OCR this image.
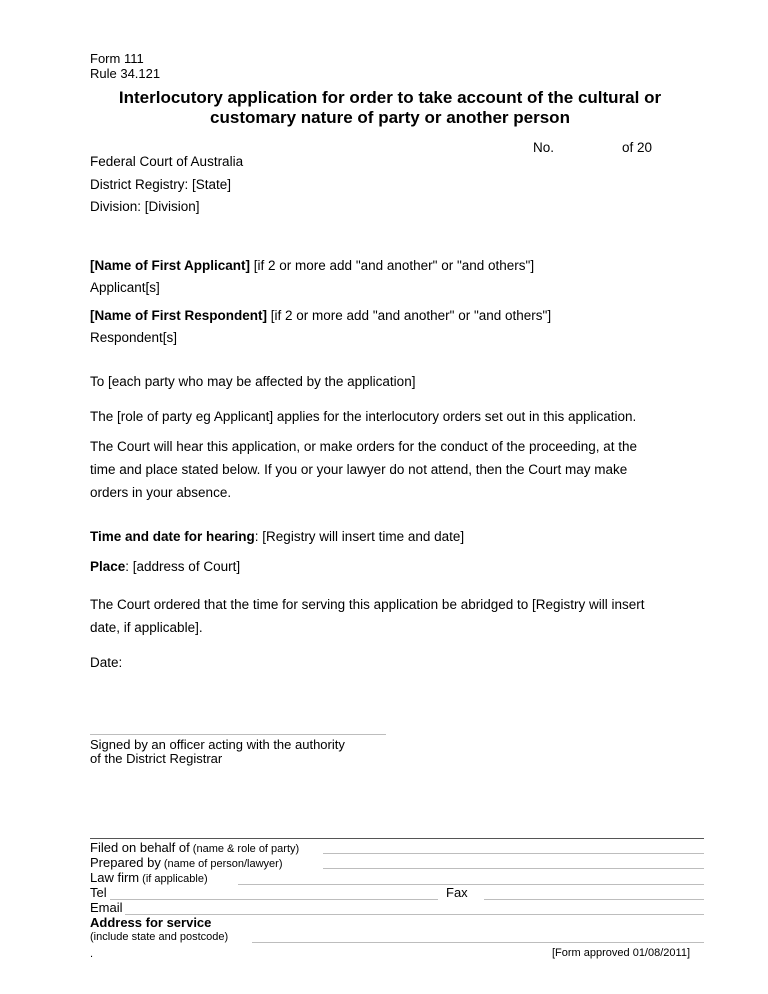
Form 111
Rule 34.121
Interlocutory application for order to take account of the cultural or
customary nature of party or another person
No.	of 20
Federal Court of Australia
District Registry: [State]
Division: [Division]
[Name of First Applicant] [if 2 or more add "and another" or "and others"]
Applicant[s]
[Name of First Respondent] [if 2 or more add "and another" or "and others"]
Respondent[s]
To [each party who may be affected by the application]
The [role of party eg Applicant] applies for the interlocutory orders set out in this application.
The Court will hear this application, or make orders for the conduct of the proceeding, at the
time and place stated below. If you or your lawyer do not attend, then the Court may make
orders in your absence.
Time and date for hearing: [Registry will insert time and date]
Place: [address of Court]
The Court ordered that the time for serving this application be abridged to [Registry will insert
date, if applicable].
Date:
Signed by an officer acting with the authority
of the District Registrar
Filed on behalf of (name & role of party)
Prepared by (name of person/lawyer)
Law firm (if applicable)
Tel	Fax
Email
Address for service
(include state and postcode)
.	[Form approved 01/08/2011]
